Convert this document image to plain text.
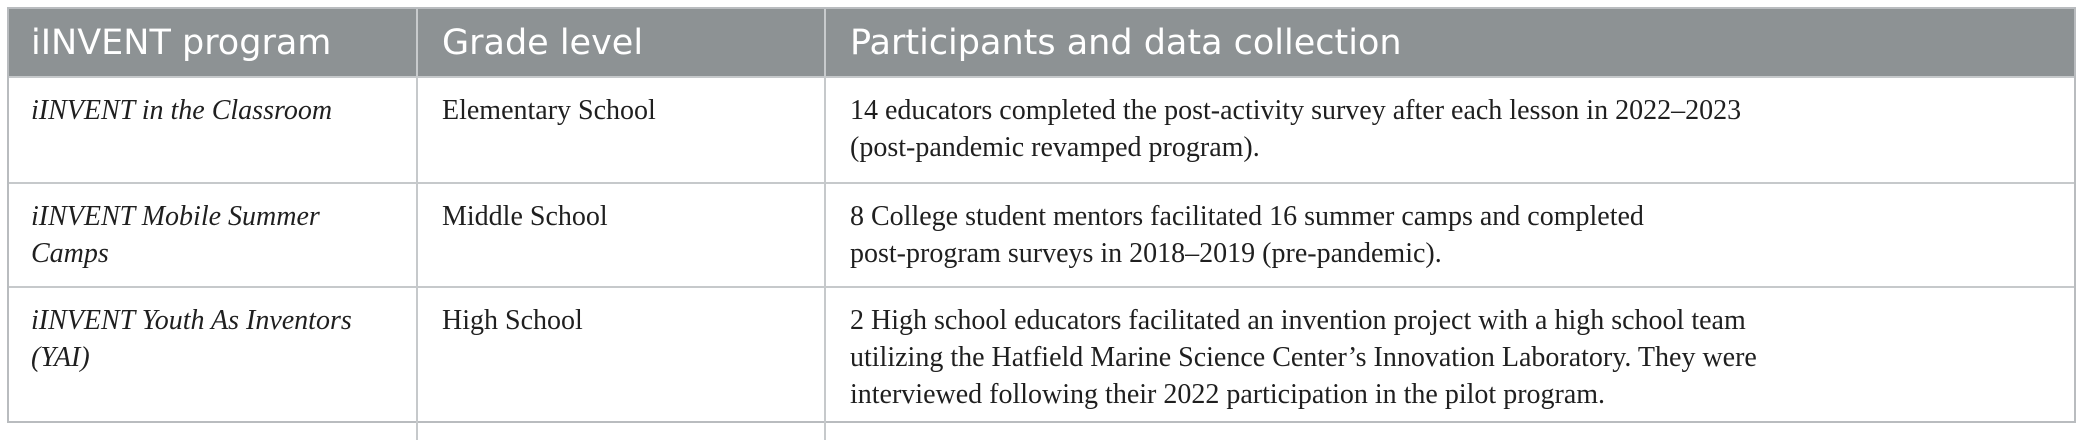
iINVENT program	Grade level	Participants and data collection
iINVENT in the Classroom	Elementary School	14 educators completed the post-activity survey after each lesson in 2022–2023
(post-pandemic revamped program).

iINVENT Mobile Summer Camps	Middle School	8 College student mentors facilitated 16 summer camps and completed
post-program surveys in 2018–2019 (pre-pandemic).

iINVENT Youth As Inventors (YAI)	High School	2 High school educators facilitated an invention project with a high school team
utilizing the Hatfield Marine Science Center’s Innovation Laboratory. They were
interviewed following their 2022 participation in the pilot program.
